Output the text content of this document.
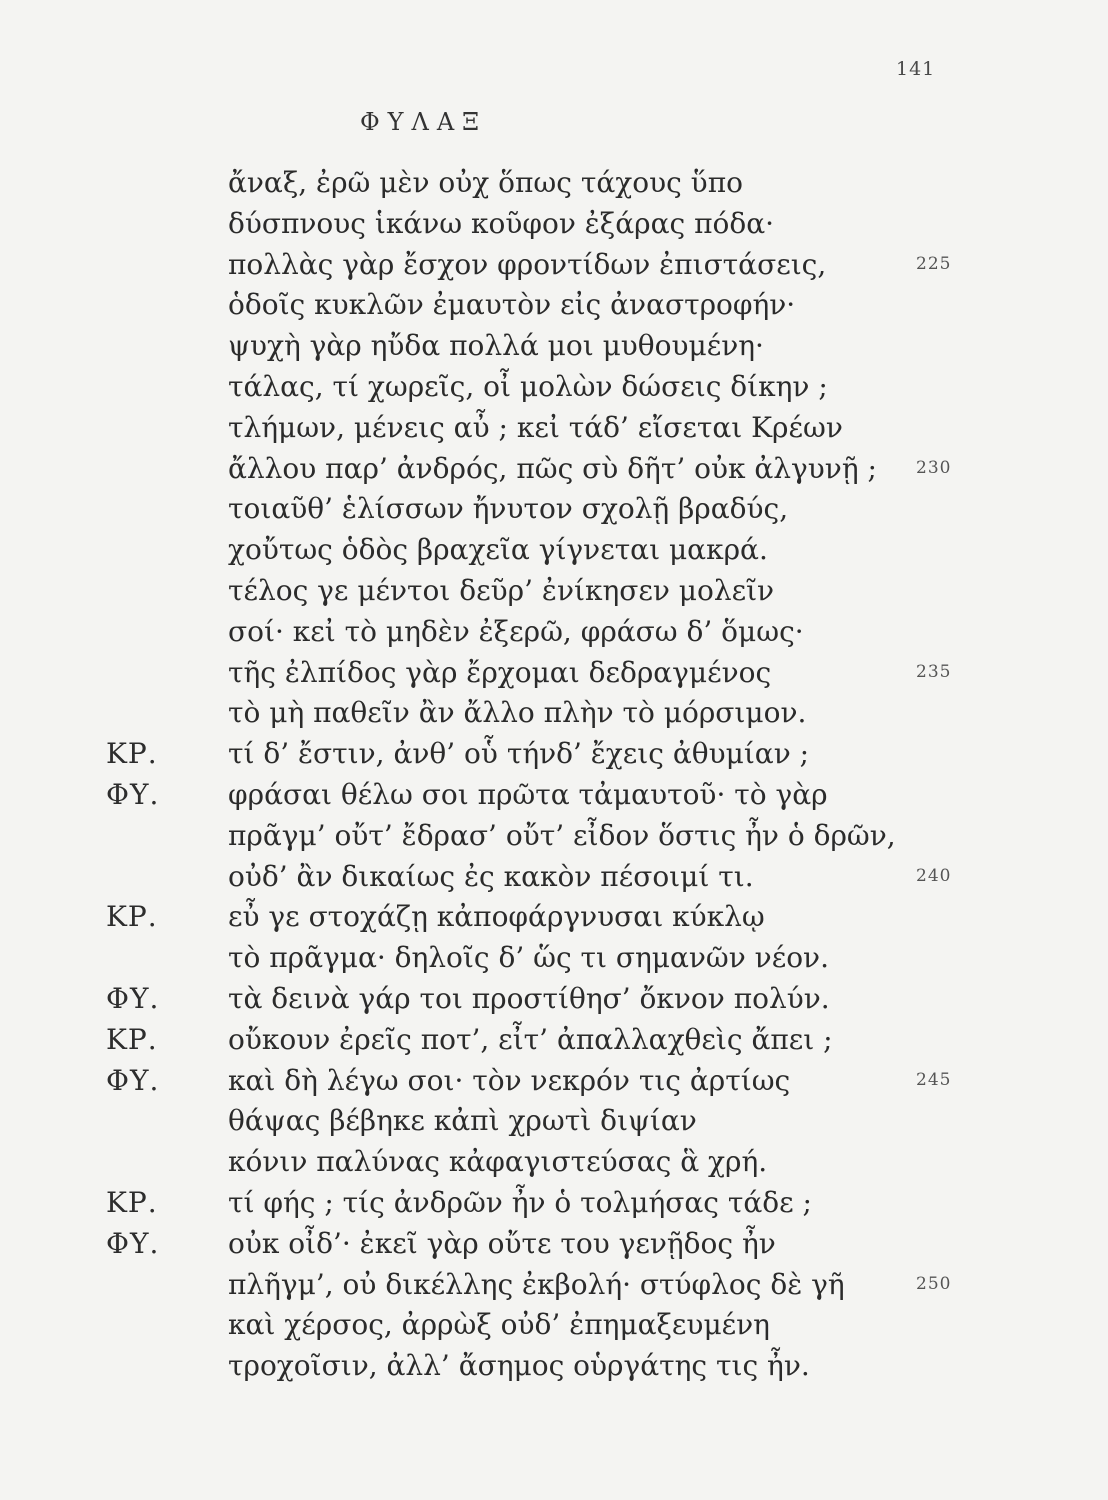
141
ΦΥΛΑΞ
ἄναξ, ἐρῶ μὲν οὐχ ὅπως τάχους ὕπο
δύσπνους ἱκάνω κοῦφον ἐξάρας πόδα·
πολλὰς γὰρ ἔσχον φροντίδων ἐπιστάσεις,	225
ὁδοῖς κυκλῶν ἐμαυτὸν εἰς ἀναστροφήν·
ψυχὴ γὰρ ηὔδα πολλά μοι μυθουμένη·
τάλας, τί χωρεῖς, οἶ μολὼν δώσεις δίκην ;
τλήμων, μένεις αὖ ; κεἰ τάδ’ εἴσεται Κρέων
ἄλλου παρ’ ἀνδρός, πῶς σὺ δῆτ’ οὐκ ἀλγυνῇ ; 230
τοιαῦθ’ ἑλίσσων ἤνυτον σχολῇ βραδύς,
χοὔτως ὁδὸς βραχεῖα γίγνεται μακρά.
τέλος γε μέντοι δεῦρ’ ἐνίκησεν μολεῖν
σοί· κεἰ τὸ μηδὲν ἐξερῶ, φράσω δ’ ὅμως·
τῆς ἐλπίδος γὰρ ἔρχομαι δεδραγμένος	235
τὸ μὴ παθεῖν ἂν ἄλλο πλὴν τὸ μόρσιμον.
ΚΡ.	τί δ’ ἔστιν, ἀνθ’ οὗ τήνδ’ ἔχεις ἀθυμίαν ;
ΦΥ. φράσαι θέλω σοι πρῶτα τἀμαυτοῦ· τὸ γὰρ
πρᾶγμ’ οὔτ’ ἔδρασ’ οὔτ’ εἶδον ὅστις ἦν ὁ δρῶν,
οὐδ’ ἂν δικαίως ἐς κακὸν πέσοιμί τι.	240
ΚΡ.	εὖ γε στοχάζῃ κἀποφάργνυσαι κύκλῳ
τὸ πρᾶγμα· δηλοῖς δ’ ὥς τι σημανῶν νέον.
ΦΥ. τὰ δεινὰ γάρ τοι προστίθησ’ ὄκνον πολύν.
ΚΡ.	οὔκουν ἐρεῖς ποτ’, εἶτ’ ἀπαλλαχθεὶς ἄπει ;
ΦΥ. καὶ δὴ λέγω σοι· τὸν νεκρόν τις ἀρτίως	245
θάψας βέβηκε κἀπὶ χρωτὶ διψίαν
κόνιν παλύνας κἀφαγιστεύσας ἃ χρή.
ΚΡ.	τί φής ; τίς ἀνδρῶν ἦν ὁ τολμήσας τάδε ;
ΦΥ. οὐκ οἶδ’· ἐκεῖ γὰρ οὔτε του γενῇδος ἦν
πλῆγμ’, οὐ δικέλλης ἐκβολή· στύφλος δὲ γῆ	250
καὶ χέρσος, ἀρρὼξ οὐδ’ ἐπημαξευμένη
τροχοῖσιν, ἀλλ’ ἄσημος οὑργάτης τις ἦν.
